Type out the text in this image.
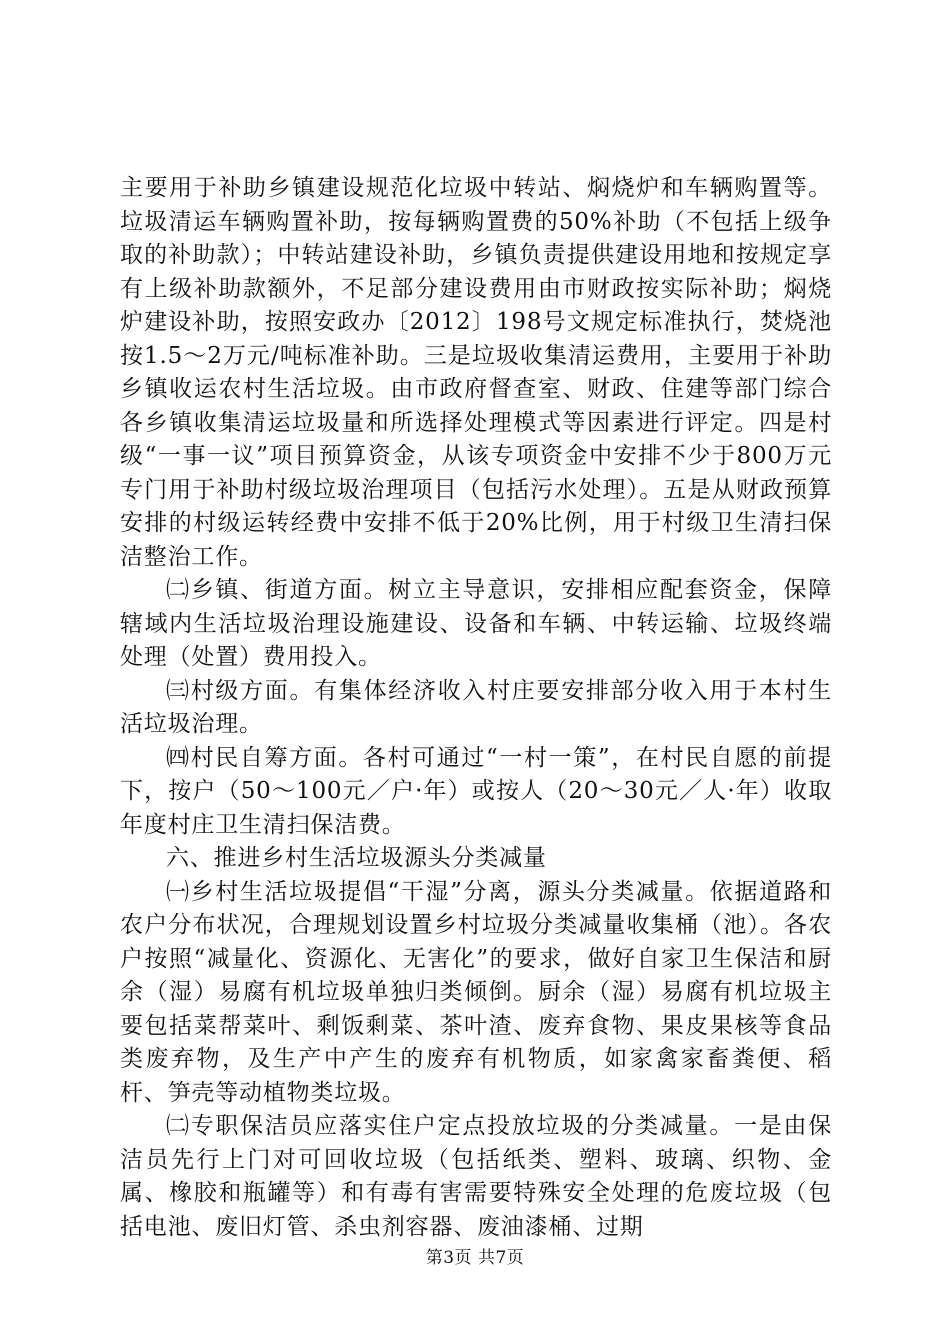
主要用于补助乡镇建设规范化垃圾中转站、焖烧炉和车辆购置等。垃圾清运车辆购置补助，按每辆购置费的50%补助（不包括上级争取的补助款）；中转站建设补助，乡镇负责提供建设用地和按规定享有上级补助款额外，不足部分建设费用由市财政按实际补助；焖烧炉建设补助，按照安政办〔2012〕198号文规定标准执行，焚烧池按1.5～2万元/吨标准补助。三是垃圾收集清运费用，主要用于补助乡镇收运农村生活垃圾。由市政府督查室、财政、住建等部门综合各乡镇收集清运垃圾量和所选择处理模式等因素进行评定。四是村级“一事一议”项目预算资金，从该专项资金中安排不少于800万元专门用于补助村级垃圾治理项目（包括污水处理）。五是从财政预算安排的村级运转经费中安排不低于20%比例，用于村级卫生清扫保洁整治工作。

㈡乡镇、街道方面。树立主导意识，安排相应配套资金，保障辖域内生活垃圾治理设施建设、设备和车辆、中转运输、垃圾终端处理（处置）费用投入。

㈢村级方面。有集体经济收入村庄要安排部分收入用于本村生活垃圾治理。

㈣村民自筹方面。各村可通过“一村一策”，在村民自愿的前提下，按户（50～100元／户·年）或按人（20～30元／人·年）收取年度村庄卫生清扫保洁费。

六、推进乡村生活垃圾源头分类减量

㈠乡村生活垃圾提倡“干湿”分离，源头分类减量。依据道路和农户分布状况，合理规划设置乡村垃圾分类减量收集桶（池）。各农户按照“减量化、资源化、无害化”的要求，做好自家卫生保洁和厨余（湿）易腐有机垃圾单独归类倾倒。厨余（湿）易腐有机垃圾主要包括菜帮菜叶、剩饭剩菜、茶叶渣、废弃食物、果皮果核等食品类废弃物，及生产中产生的废弃有机物质，如家禽家畜粪便、稻杆、笋壳等动植物类垃圾。

㈡专职保洁员应落实住户定点投放垃圾的分类减量。一是由保洁员先行上门对可回收垃圾（包括纸类、塑料、玻璃、织物、金属、橡胶和瓶罐等）和有毒有害需要特殊安全处理的危废垃圾（包括电池、废旧灯管、杀虫剂容器、废油漆桶、过期

第3页 共7页
